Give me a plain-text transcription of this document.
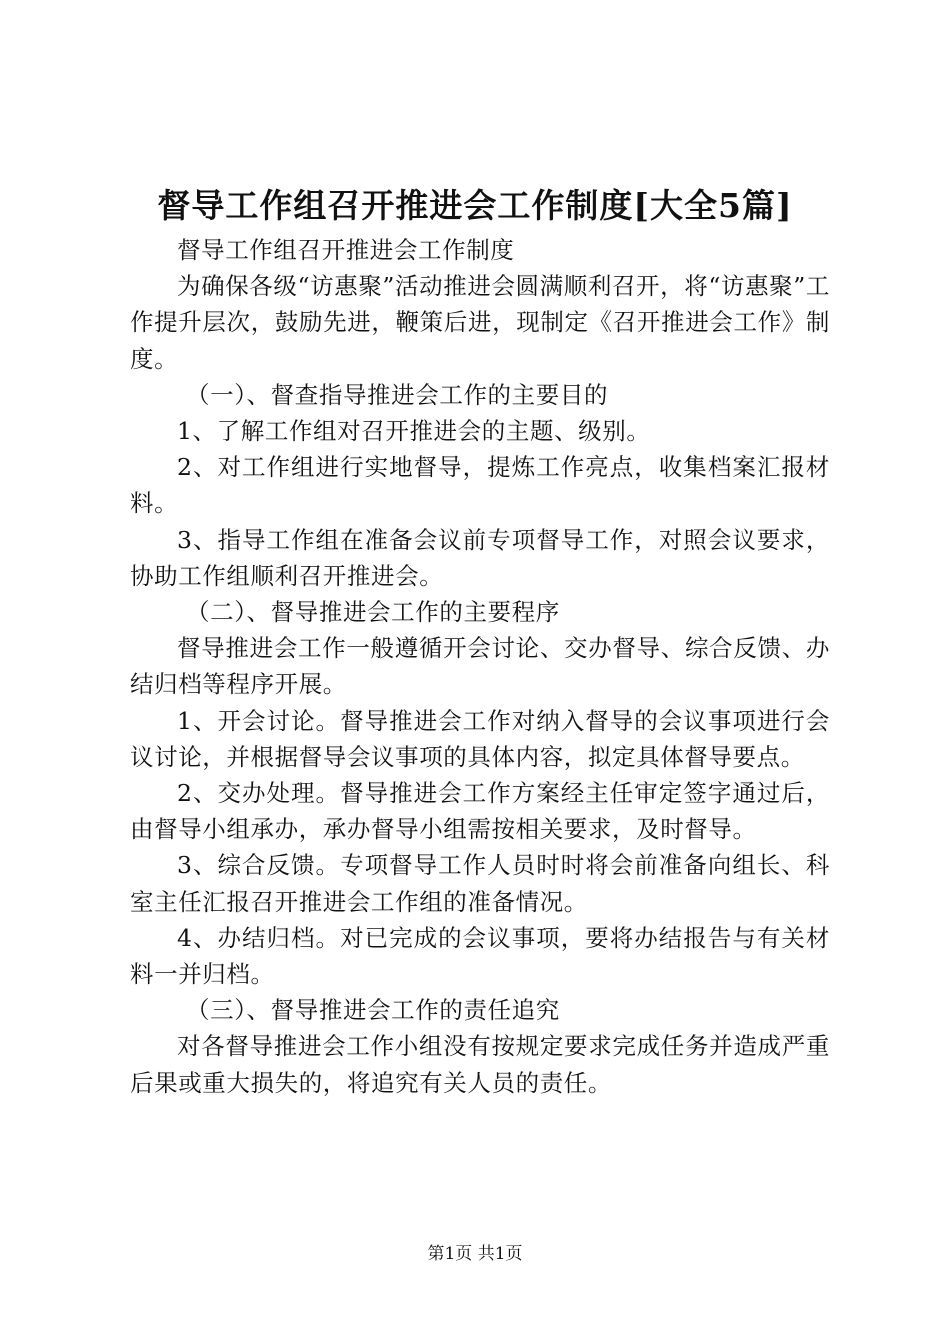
督导工作组召开推进会工作制度[大全5篇]

督导工作组召开推进会工作制度

为确保各级“访惠聚”活动推进会圆满顺利召开，将“访惠聚”工作提升层次，鼓励先进，鞭策后进，现制定《召开推进会工作》制度。

（一）、督查指导推进会工作的主要目的

1、了解工作组对召开推进会的主题、级别。

2、对工作组进行实地督导，提炼工作亮点，收集档案汇报材料。

3、指导工作组在准备会议前专项督导工作，对照会议要求，协助工作组顺利召开推进会。

（二）、督导推进会工作的主要程序

督导推进会工作一般遵循开会讨论、交办督导、综合反馈、办结归档等程序开展。

1、开会讨论。督导推进会工作对纳入督导的会议事项进行会议讨论，并根据督导会议事项的具体内容，拟定具体督导要点。

2、交办处理。督导推进会工作方案经主任审定签字通过后，由督导小组承办，承办督导小组需按相关要求，及时督导。

3、综合反馈。专项督导工作人员时时将会前准备向组长、科室主任汇报召开推进会工作组的准备情况。

4、办结归档。对已完成的会议事项，要将办结报告与有关材料一并归档。

（三）、督导推进会工作的责任追究

对各督导推进会工作小组没有按规定要求完成任务并造成严重后果或重大损失的，将追究有关人员的责任。

第1页 共1页
